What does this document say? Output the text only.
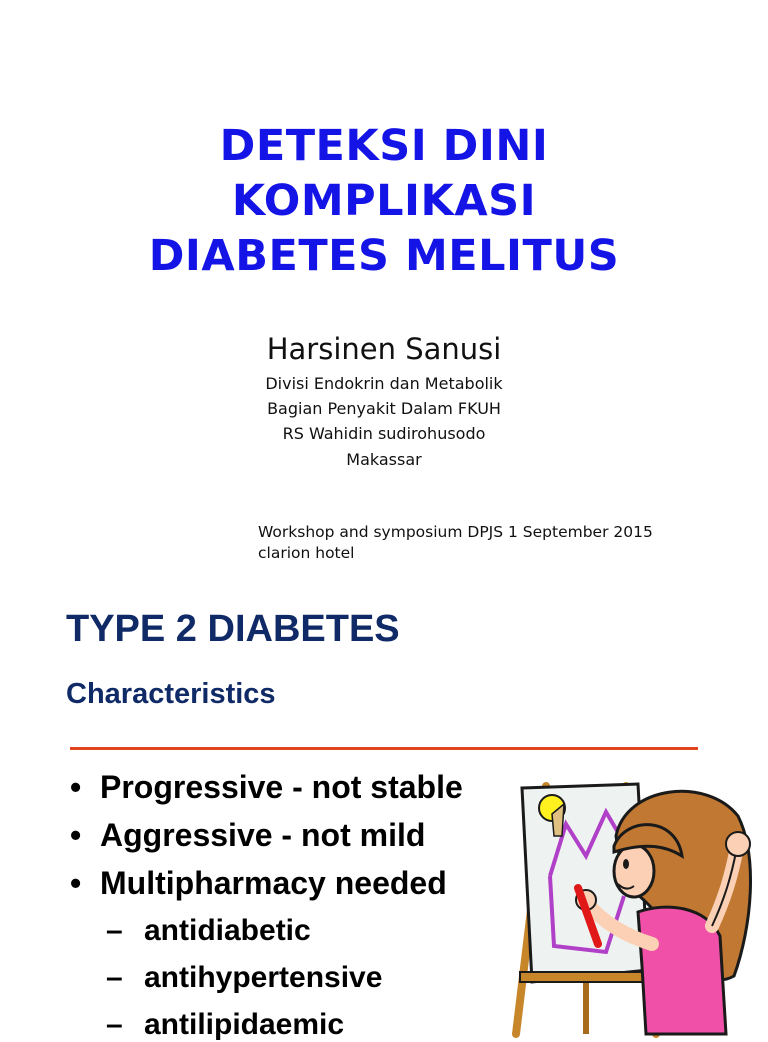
DETEKSI DINI
KOMPLIKASI
DIABETES MELITUS
Harsinen Sanusi
Divisi Endokrin dan Metabolik
Bagian Penyakit Dalam FKUH
RS Wahidin sudirohusodo
Makassar
Workshop and symposium DPJS 1 September 2015
clarion hotel
TYPE 2 DIABETES
Characteristics
• Progressive - not stable
• Aggressive - not mild
• Multipharmacy needed
– antidiabetic
– antihypertensive
– antilipidaemic
